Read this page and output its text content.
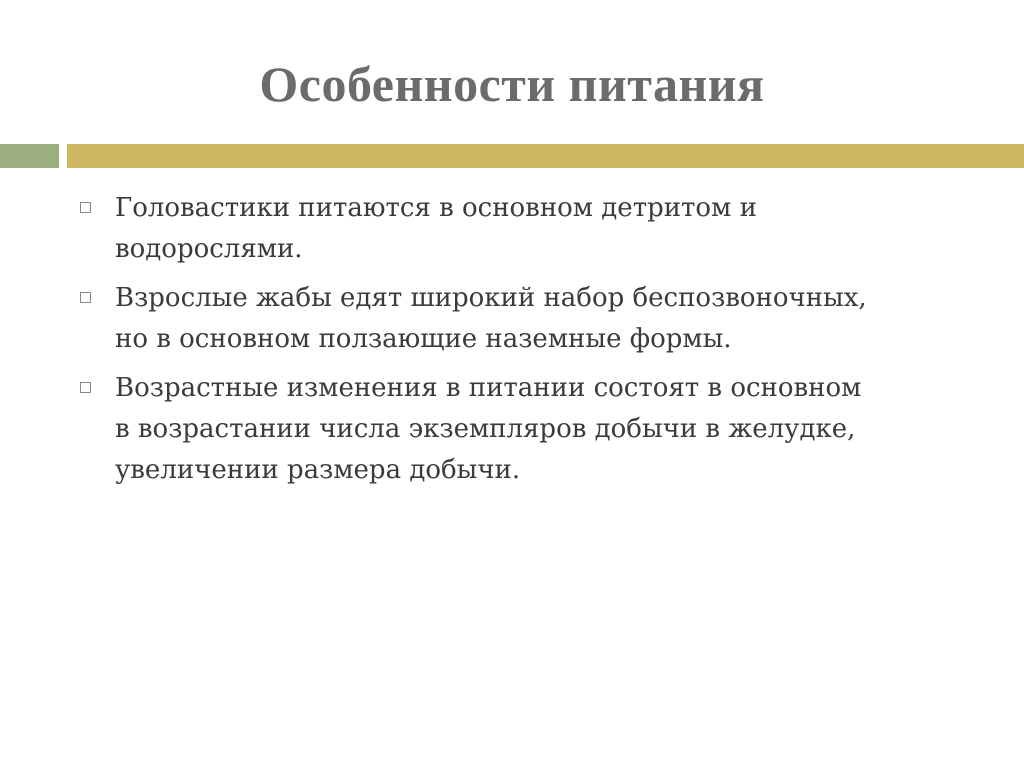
Особенности питания
Головастики питаются в основном детритом и
водорослями.
Взрослые жабы едят широкий набор беспозвоночных,
но в основном ползающие наземные формы.
Возрастные изменения в питании состоят в основном
в возрастании числа экземпляров добычи в желудке,
увеличении размера добычи.
